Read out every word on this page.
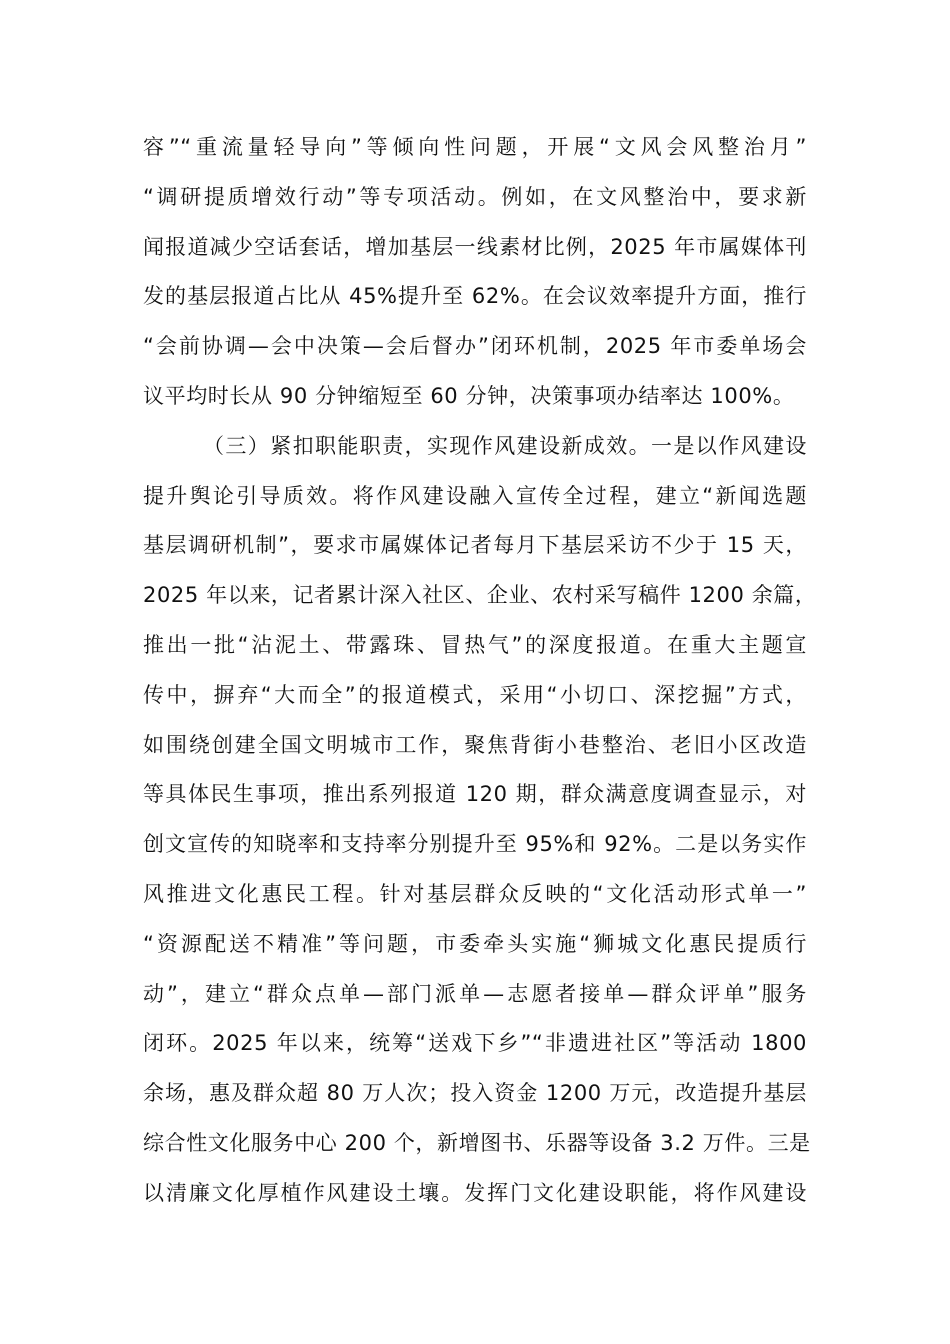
容”“重流量轻导向”等倾向性问题，开展“文风会风整治月”
“调研提质增效行动”等专项活动。例如，在文风整治中，要求新
闻报道减少空话套话，增加基层一线素材比例，2025 年市属媒体刊
发的基层报道占比从 45%提升至 62%。在会议效率提升方面，推行
“会前协调—会中决策—会后督办”闭环机制，2025 年市委单场会
议平均时长从 90 分钟缩短至 60 分钟，决策事项办结率达 100%。
（三）紧扣职能职责，实现作风建设新成效。一是以作风建设
提升舆论引导质效。将作风建设融入宣传全过程，建立“新闻选题
基层调研机制”，要求市属媒体记者每月下基层采访不少于 15 天，
2025 年以来，记者累计深入社区、企业、农村采写稿件 1200 余篇，
推出一批“沾泥土、带露珠、冒热气”的深度报道。在重大主题宣
传中，摒弃“大而全”的报道模式，采用“小切口、深挖掘”方式，
如围绕创建全国文明城市工作，聚焦背街小巷整治、老旧小区改造
等具体民生事项，推出系列报道 120 期，群众满意度调查显示，对
创文宣传的知晓率和支持率分别提升至 95%和 92%。二是以务实作
风推进文化惠民工程。针对基层群众反映的“文化活动形式单一”
“资源配送不精准”等问题，市委牵头实施“狮城文化惠民提质行
动”，建立“群众点单—部门派单—志愿者接单—群众评单”服务
闭环。2025 年以来，统筹“送戏下乡”“非遗进社区”等活动 1800
余场，惠及群众超 80 万人次；投入资金 1200 万元，改造提升基层
综合性文化服务中心 200 个，新增图书、乐器等设备 3.2 万件。三是
以清廉文化厚植作风建设土壤。发挥门文化建设职能，将作风建设
